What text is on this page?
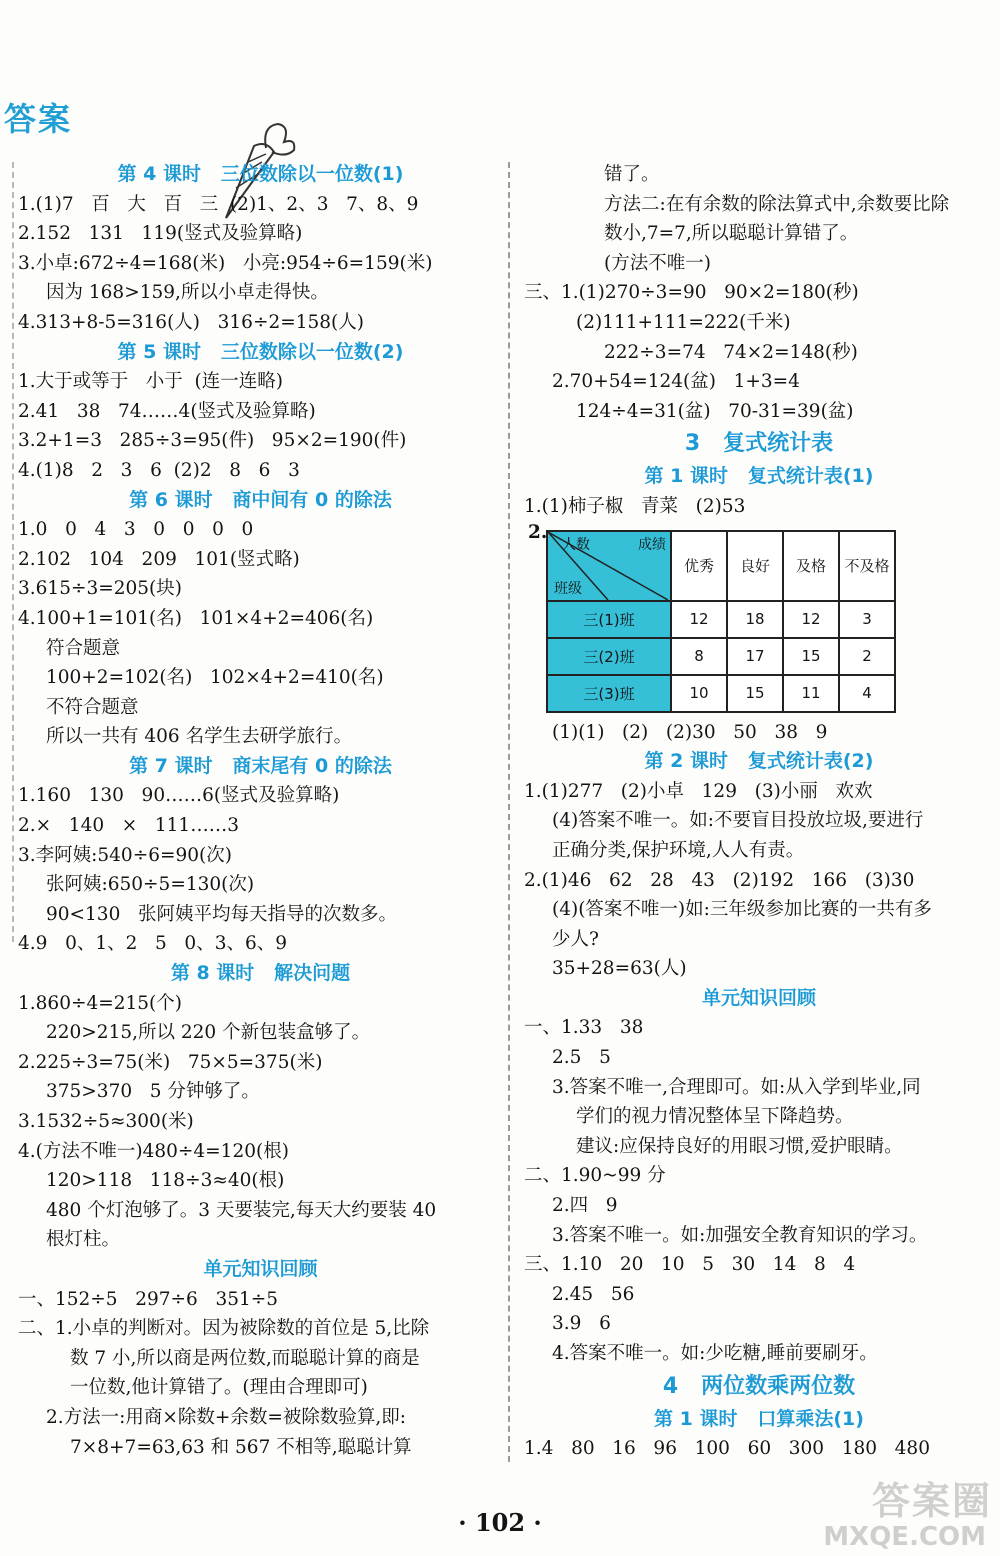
答案
第 4 课时   三位数除以一位数(1)
1.(1)7   百   大   百   三  (2)1、2、3   7、8、9
2.152   131   119(竖式及验算略)
3.小卓:672÷4=168(米)   小亮:954÷6=159(米)
因为 168>159,所以小卓走得快。
4.313+8-5=316(人)   316÷2=158(人)
第 5 课时   三位数除以一位数(2)
1.大于或等于   小于  (连一连略)
2.41   38   74……4(竖式及验算略)
3.2+1=3   285÷3=95(件)   95×2=190(件)
4.(1)8   2   3   6  (2)2   8   6   3
第 6 课时   商中间有 0 的除法
1.0   0   4   3   0   0   0   0
2.102   104   209   101(竖式略)
3.615÷3=205(块)
4.100+1=101(名)   101×4+2=406(名)
符合题意
100+2=102(名)   102×4+2=410(名)
不符合题意
所以一共有 406 名学生去研学旅行。
第 7 课时   商末尾有 0 的除法
1.160   130   90……6(竖式及验算略)
2.×   140   ×   111……3
3.李阿姨:540÷6=90(次)
张阿姨:650÷5=130(次)
90<130   张阿姨平均每天指导的次数多。
4.9   0、1、2   5   0、3、6、9
第 8 课时   解决问题
1.860÷4=215(个)
220>215,所以 220 个新包装盒够了。
2.225÷3=75(米)   75×5=375(米)
375>370   5 分钟够了。
3.1532÷5≈300(米)
4.(方法不唯一)480÷4=120(根)
120>118   118÷3≈40(根)
480 个灯泡够了。3 天要装完,每天大约要装 40
根灯柱。
单元知识回顾
一、152÷5   297÷6   351÷5
二、1.小卓的判断对。因为被除数的首位是 5,比除
数 7 小,所以商是两位数,而聪聪计算的商是
一位数,他计算错了。(理由合理即可)
2.方法一:用商×除数+余数=被除数验算,即:
7×8+7=63,63 和 567 不相等,聪聪计算
错了。
方法二:在有余数的除法算式中,余数要比除
数小,7=7,所以聪聪计算错了。
(方法不唯一)
三、1.(1)270÷3=90   90×2=180(秒)
(2)111+111=222(千米)
222÷3=74   74×2=148(秒)
2.70+54=124(盆)   1+3=4
124÷4=31(盆)   70-31=39(盆)
3   复式统计表
第 1 课时   复式统计表(1)
1.(1)柿子椒   青菜   (2)53
2.
成绩
人数
班级	优秀	良好	及格	不及格

三(1)班	12	18	12	3
三(2)班	8	17	15	2
三(3)班	10	15	11	4
(1)(1)   (2)   (2)30   50   38   9
第 2 课时   复式统计表(2)
1.(1)277   (2)小卓   129   (3)小丽   欢欢
(4)答案不唯一。如:不要盲目投放垃圾,要进行
正确分类,保护环境,人人有责。
2.(1)46   62   28   43   (2)192   166   (3)30
(4)(答案不唯一)如:三年级参加比赛的一共有多
少人?
35+28=63(人)
单元知识回顾
一、1.33   38
2.5   5
3.答案不唯一,合理即可。如:从入学到毕业,同
学们的视力情况整体呈下降趋势。
建议:应保持良好的用眼习惯,爱护眼睛。
二、1.90~99 分
2.四   9
3.答案不唯一。如:加强安全教育知识的学习。
三、1.10   20   10   5   30   14   8   4
2.45   56
3.9   6
4.答案不唯一。如:少吃糖,睡前要刷牙。
4   两位数乘两位数
第 1 课时   口算乘法(1)
1.4   80   16   96   100   60   300   180   480
· 102 ·	答案圈
MXQE.COM
